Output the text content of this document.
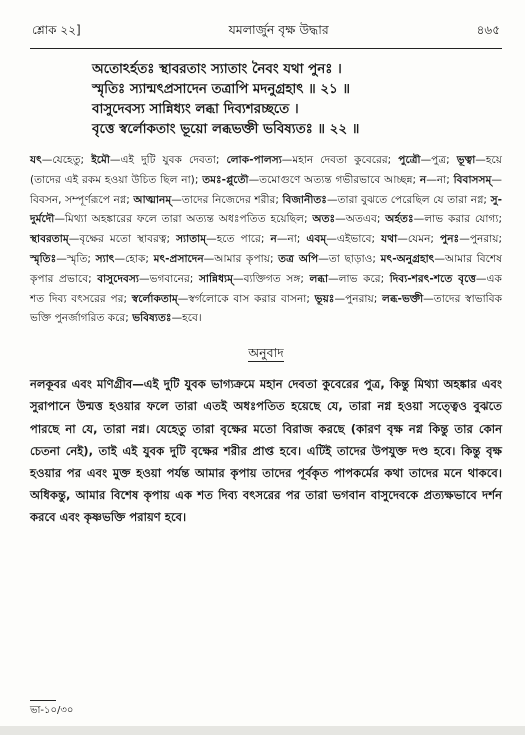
শ্লোক ২২]	যমলার্জুন বৃক্ষ উদ্ধার	৪৬৫
অতোঽর্হতঃ স্থাবরতাং স্যাতাং নৈবং যথা পুনঃ ।
স্মৃতিঃ স্যান্মৎপ্রসাদেন তত্রাপি মদনুগ্রহাৎ ॥ ২১ ॥
বাসুদেবস্য সান্নিধ্যং লব্ধা দিব্যশরচ্ছতে ।
বৃত্তে স্বর্লোকতাং ভূয়ো লব্ধভক্তী ভবিষ্যতঃ ॥ ২২ ॥
যৎ—যেহেতু; ইমৌ—এই দুটি যুবক দেবতা; লোক-পালস্য—মহান দেবতা কুবেরের; পুত্রৌ—পুত্র; ভূত্বা—হয়ে (তাদের এই রকম হওয়া উচিত ছিল না); তমঃ-প্লুতৌ—তমোগুণে অত্যন্ত গভীরভাবে আচ্ছন্ন; ন—না; বিবাসসম্—বিবসন, সম্পূর্ণরূপে নগ্ন; আত্মানম্—তাদের নিজেদের শরীর; বিজানীতঃ—তারা বুঝতে পেরেছিল যে তারা নগ্ন; সু-দুর্মদৌ—মিথ্যা অহঙ্কারের ফলে তারা অত্যন্ত অধঃপতিত হয়েছিল; অতঃ—অতএব; অর্হতঃ—লাভ করার যোগ্য; স্থাবরতাম্—বৃক্ষের মতো স্থাবরত্ব; স্যাতাম্—হতে পারে; ন—না; এবম্—এইভাবে; যথা—যেমন; পুনঃ—পুনরায়; স্মৃতিঃ—স্মৃতি; স্যাৎ—হোক; মৎ-প্রসাদেন—আমার কৃপায়; তত্র অপি—তা ছাড়াও; মৎ-অনুগ্রহাৎ—আমার বিশেষ কৃপার প্রভাবে; বাসুদেবস্য—ভগবানের; সান্নিধ্যম্—ব্যক্তিগত সঙ্গ; লব্ধা—লাভ করে; দিব্য-শরৎ-শতে বৃত্তে—এক শত দিব্য বৎসরের পর; স্বর্লোকতাম্—স্বর্গলোকে বাস করার বাসনা; ভূয়ঃ—পুনরায়; লব্ধ-ভক্তী—তাদের স্বাভাবিক ভক্তি পুনর্জাগরিত করে; ভবিষ্যতঃ—হবে।
অনুবাদ
নলকূবর এবং মণিগ্রীব—এই দুটি যুবক ভাগ্যক্রমে মহান দেবতা কুবেরের পুত্র, কিন্তু মিথ্যা অহঙ্কার এবং সুরাপানে উন্মত্ত হওয়ার ফলে তারা এতই অধঃপতিত হয়েছে যে, তারা নগ্ন হওয়া সত্ত্বেও বুঝতে পারছে না যে, তারা নগ্ন। যেহেতু তারা বৃক্ষের মতো বিরাজ করছে (কারণ বৃক্ষ নগ্ন কিন্তু তার কোন চেতনা নেই), তাই এই যুবক দুটি বৃক্ষের শরীর প্রাপ্ত হবে। এটিই তাদের উপযুক্ত দণ্ড হবে। কিন্তু বৃক্ষ হওয়ার পর এবং মুক্ত হওয়া পর্যন্ত আমার কৃপায় তাদের পূর্বকৃত পাপকর্মের কথা তাদের মনে থাকবে। অধিকন্তু, আমার বিশেষ কৃপায় এক শত দিব্য বৎসরের পর তারা ভগবান বাসুদেবকে প্রত্যক্ষভাবে দর্শন করবে এবং কৃষ্ণভক্তি পরায়ণ হবে।
ভা-১০/৩০
